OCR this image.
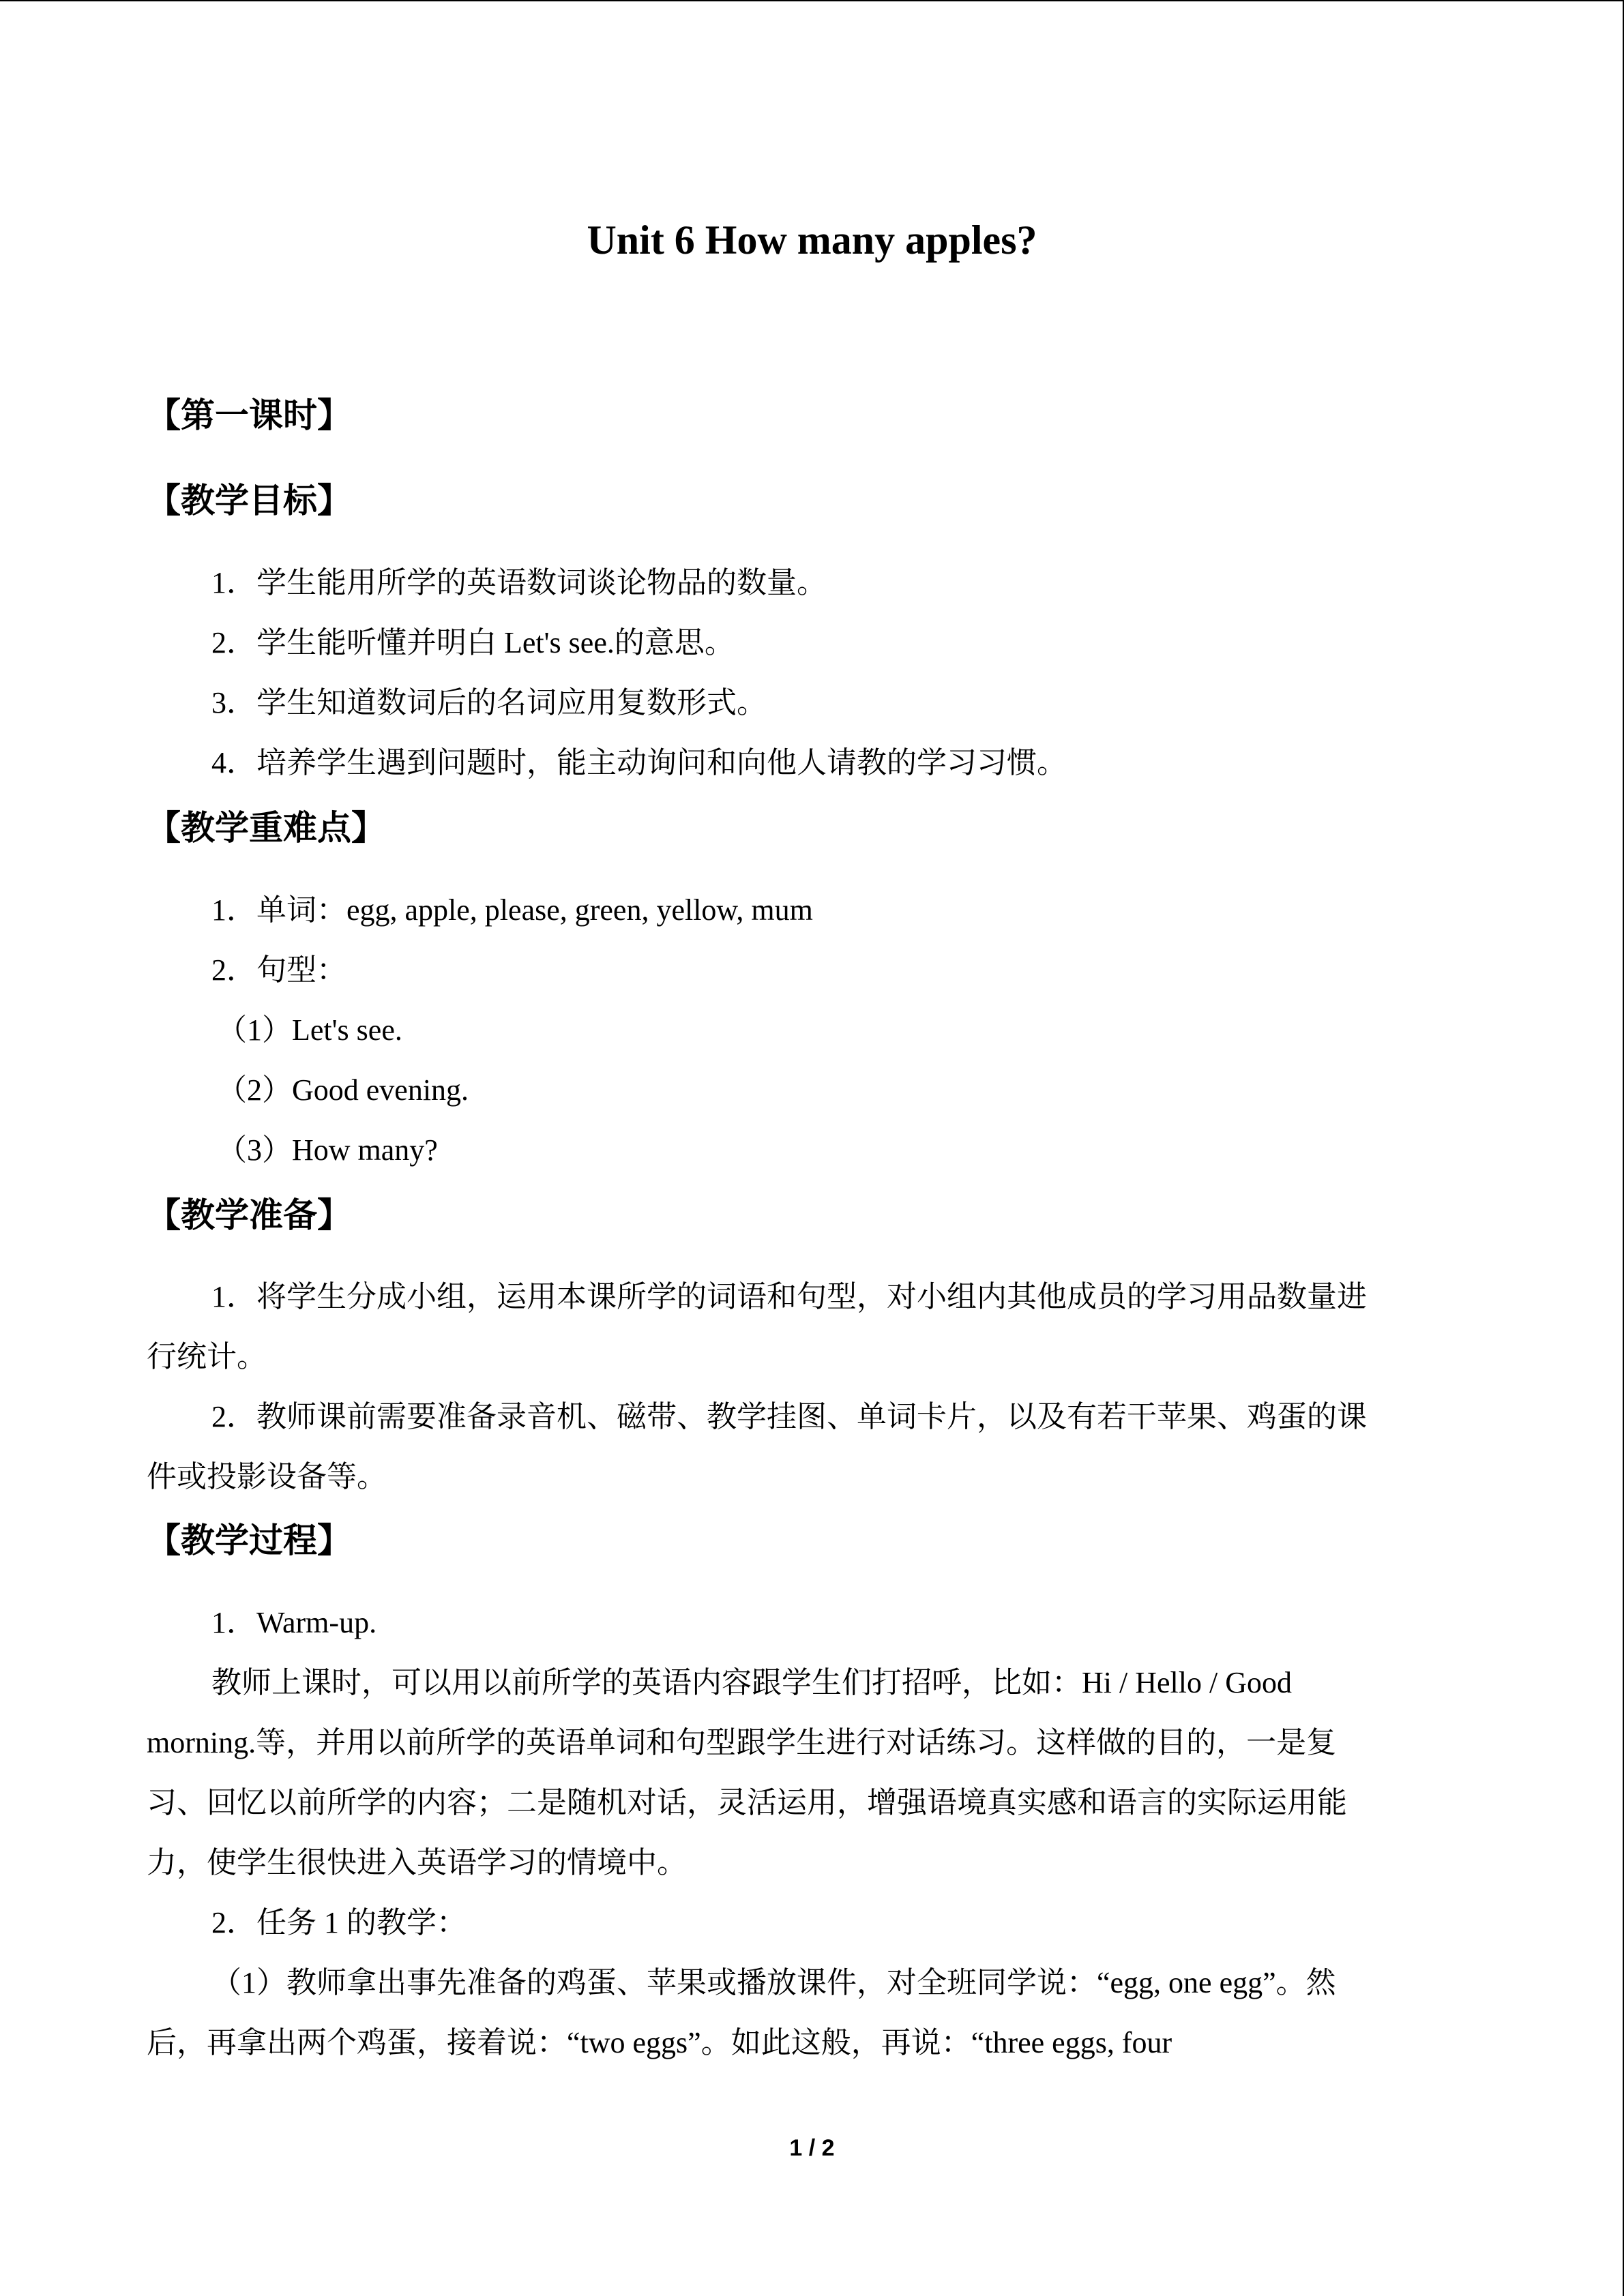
Unit 6 How many apples?
【第一课时】
【教学目标】
1．学生能用所学的英语数词谈论物品的数量。
2．学生能听懂并明白 Let's see.的意思。
3．学生知道数词后的名词应用复数形式。
4．培养学生遇到问题时，能主动询问和向他人请教的学习习惯。
【教学重难点】
1．单词：egg, apple, please, green, yellow, mum
2．句型：
（1）Let's see.
（2）Good evening.
（3）How many?
【教学准备】
1．将学生分成小组，运用本课所学的词语和句型，对小组内其他成员的学习用品数量进
行统计。
2．教师课前需要准备录音机、磁带、教学挂图、单词卡片，以及有若干苹果、鸡蛋的课
件或投影设备等。
【教学过程】
1．Warm-up.
教师上课时，可以用以前所学的英语内容跟学生们打招呼，比如：Hi / Hello / Good
morning.等，并用以前所学的英语单词和句型跟学生进行对话练习。这样做的目的，一是复
习、回忆以前所学的内容；二是随机对话，灵活运用，增强语境真实感和语言的实际运用能
力，使学生很快进入英语学习的情境中。
2．任务 1 的教学：
（1）教师拿出事先准备的鸡蛋、苹果或播放课件，对全班同学说：“egg, one egg”。然
后，再拿出两个鸡蛋，接着说：“two eggs”。如此这般，再说：“three eggs, four
1 / 2
